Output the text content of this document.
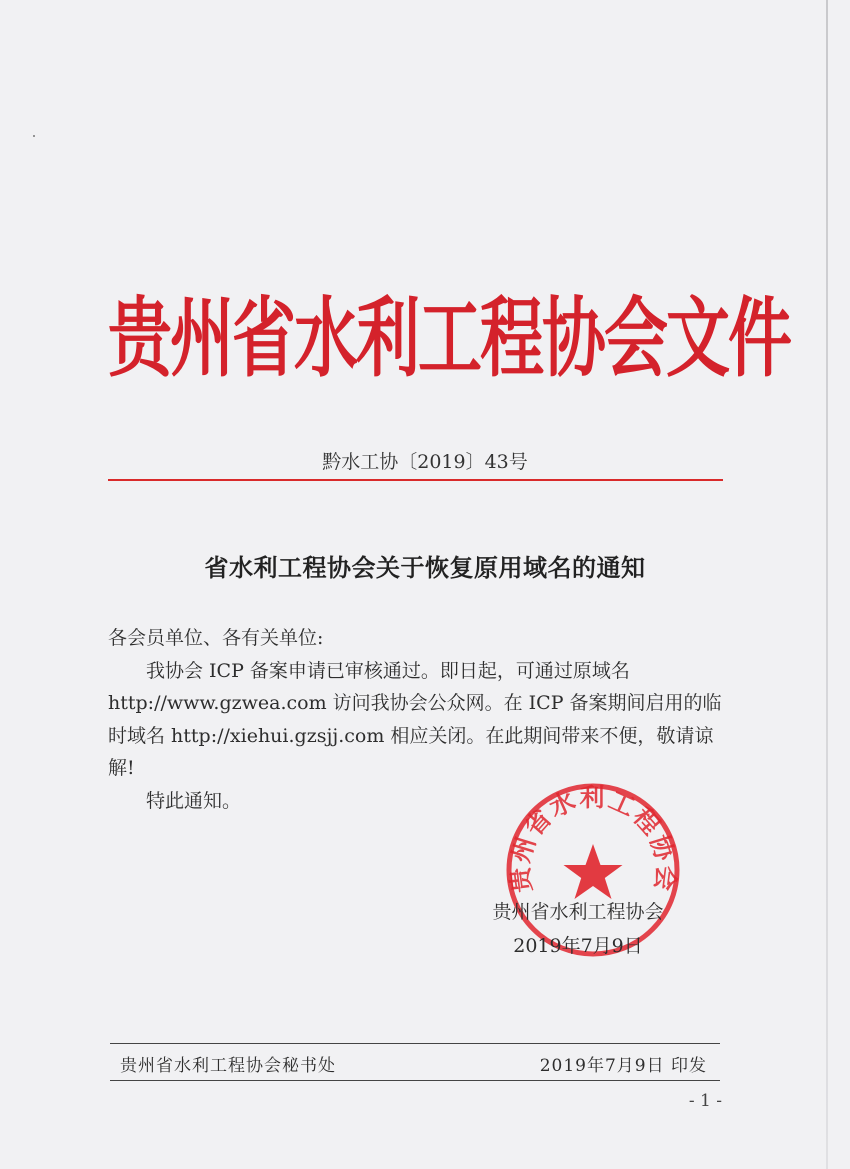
贵州省水利工程协会文件
黔水工协〔2019〕43号
省水利工程协会关于恢复原用域名的通知

各会员单位、各有关单位:

我协会 ICP 备案申请已审核通过。即日起，可通过原域名 http://www.gzwea.com 访问我协会公众网。在 ICP 备案期间启用的临时域名 http://xiehui.gzsjj.com 相应关闭。在此期间带来不便，敬请谅解!

特此通知。

贵州省水利工程协会
贵州省水利工程协会
2019年7月9日
贵州省水利工程协会秘书处	2019年7月9日 印发
- 1 -
